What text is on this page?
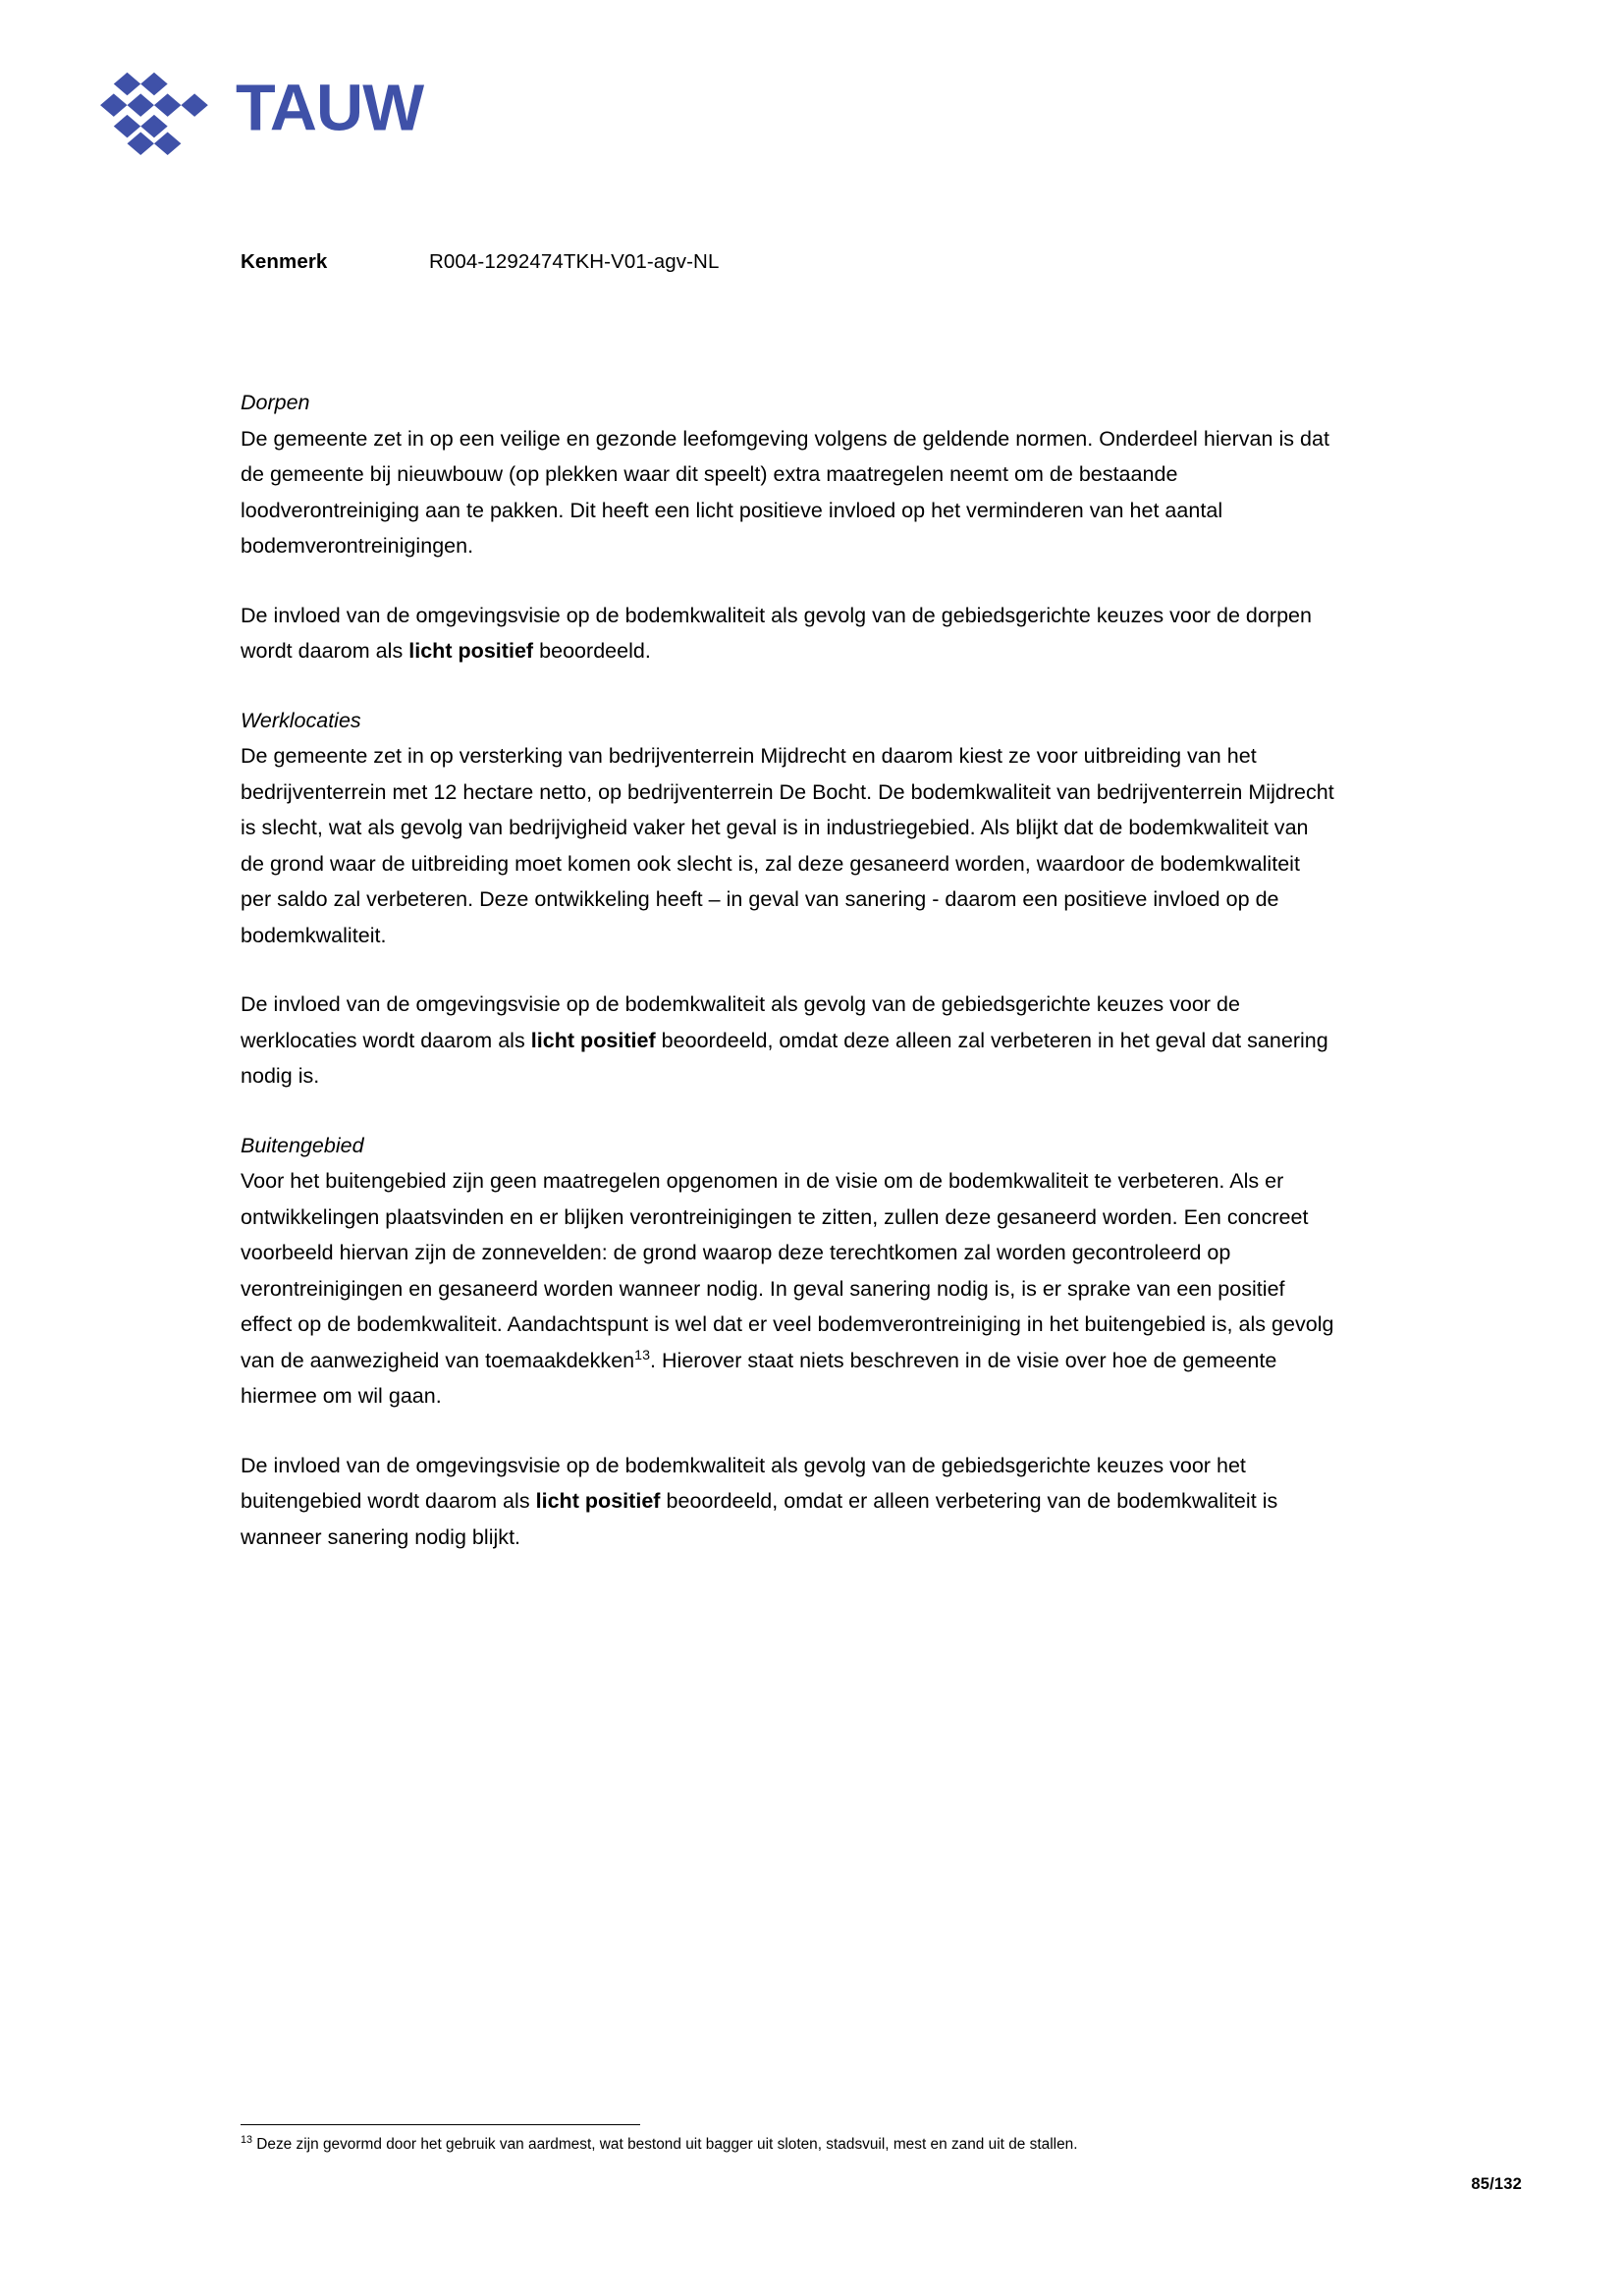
TAUW
Kenmerk	R004-1292474TKH-V01-agv-NL

Dorpen

De gemeente zet in op een veilige en gezonde leefomgeving volgens de geldende normen. Onderdeel hiervan is dat de gemeente bij nieuwbouw (op plekken waar dit speelt) extra maatregelen neemt om de bestaande loodverontreiniging aan te pakken. Dit heeft een licht positieve invloed op het verminderen van het aantal bodemverontreinigingen.

De invloed van de omgevingsvisie op de bodemkwaliteit als gevolg van de gebiedsgerichte keuzes voor de dorpen wordt daarom als licht positief beoordeeld.

Werklocaties

De gemeente zet in op versterking van bedrijventerrein Mijdrecht en daarom kiest ze voor uitbreiding van het bedrijventerrein met 12 hectare netto, op bedrijventerrein De Bocht. De bodemkwaliteit van bedrijventerrein Mijdrecht is slecht, wat als gevolg van bedrijvigheid vaker het geval is in industriegebied. Als blijkt dat de bodemkwaliteit van de grond waar de uitbreiding moet komen ook slecht is, zal deze gesaneerd worden, waardoor de bodemkwaliteit per saldo zal verbeteren. Deze ontwikkeling heeft – in geval van sanering - daarom een positieve invloed op de bodemkwaliteit.

De invloed van de omgevingsvisie op de bodemkwaliteit als gevolg van de gebiedsgerichte keuzes voor de werklocaties wordt daarom als licht positief beoordeeld, omdat deze alleen zal verbeteren in het geval dat sanering nodig is.

Buitengebied

Voor het buitengebied zijn geen maatregelen opgenomen in de visie om de bodemkwaliteit te verbeteren. Als er ontwikkelingen plaatsvinden en er blijken verontreinigingen te zitten, zullen deze gesaneerd worden. Een concreet voorbeeld hiervan zijn de zonnevelden: de grond waarop deze terechtkomen zal worden gecontroleerd op verontreinigingen en gesaneerd worden wanneer nodig. In geval sanering nodig is, is er sprake van een positief effect op de bodemkwaliteit. Aandachtspunt is wel dat er veel bodemverontreiniging in het buitengebied is, als gevolg van de aanwezigheid van toemaakdekken$^{13}$. Hierover staat niets beschreven in de visie over hoe de gemeente hiermee om wil gaan.

De invloed van de omgevingsvisie op de bodemkwaliteit als gevolg van de gebiedsgerichte keuzes voor het buitengebied wordt daarom als licht positief beoordeeld, omdat er alleen verbetering van de bodemkwaliteit is wanneer sanering nodig blijkt.

$^{13}$ Deze zijn gevormd door het gebruik van aardmest, wat bestond uit bagger uit sloten, stadsvuil, mest en zand uit de stallen.

85/132
